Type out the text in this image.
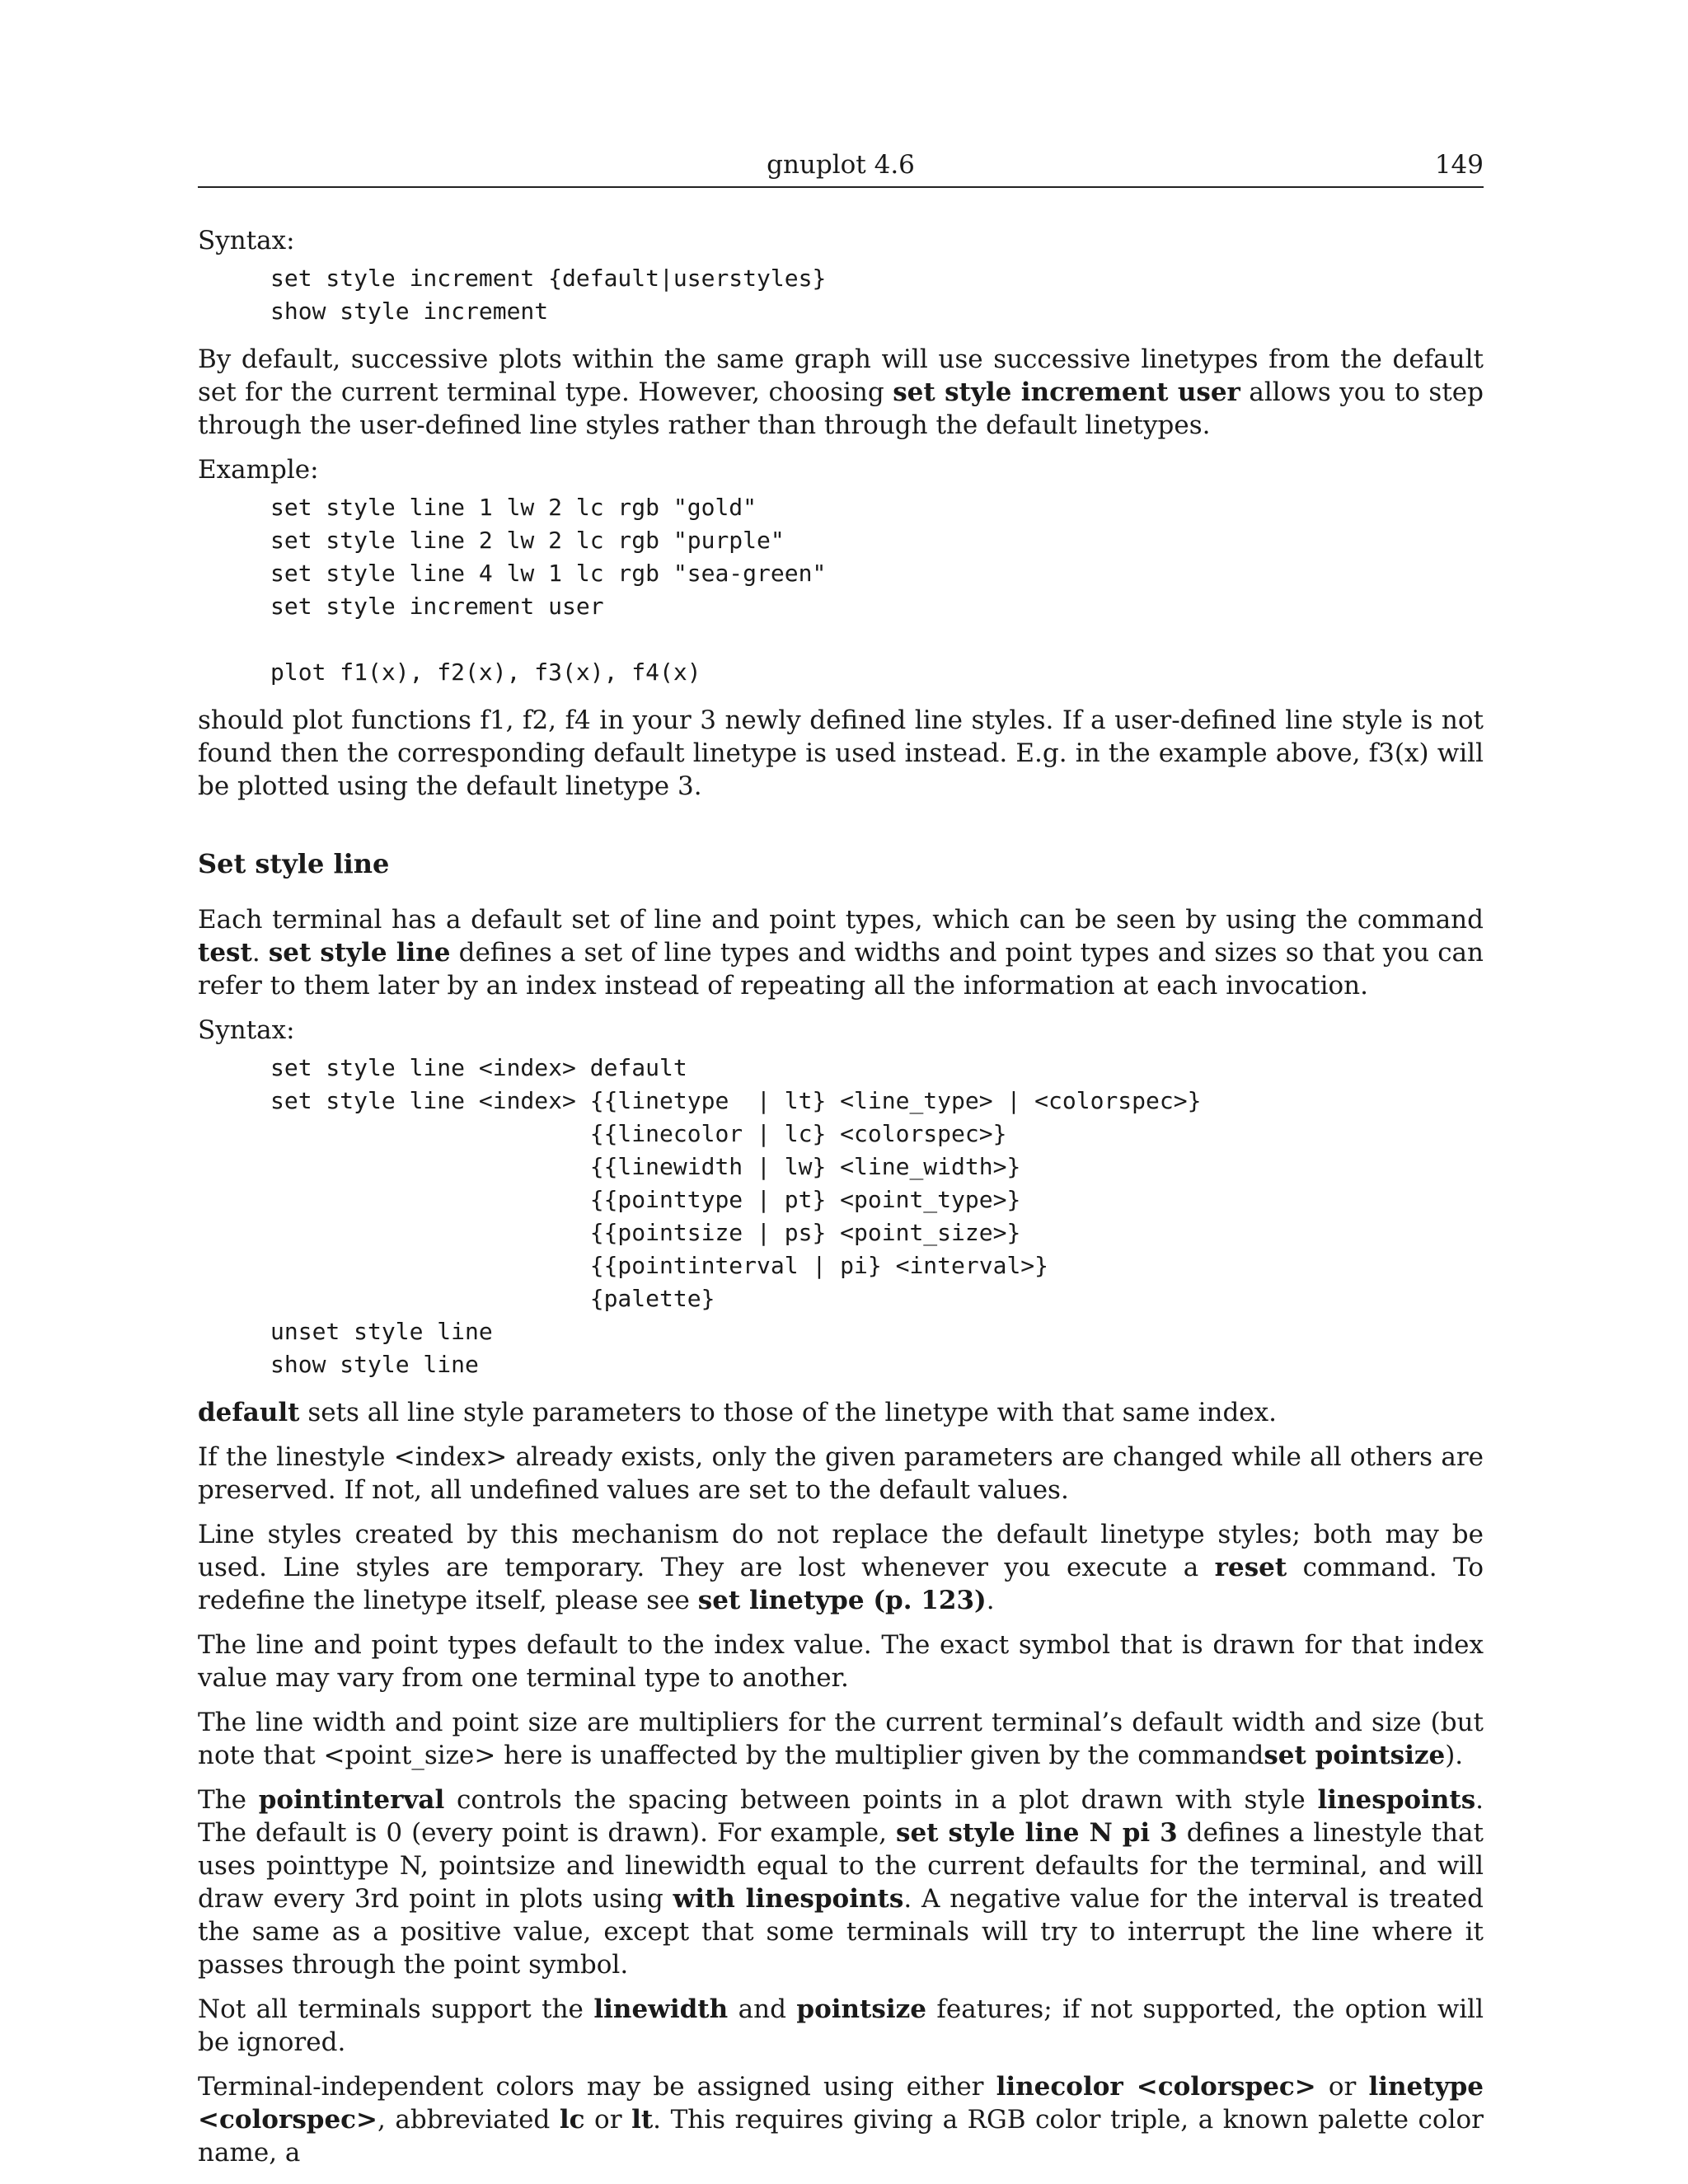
gnuplot 4.6	149

Syntax:

set style increment {default|userstyles}
show style increment

By default, successive plots within the same graph will use successive linetypes from the default set for the current terminal type. However, choosing set style increment user allows you to step through the user-defined line styles rather than through the default linetypes.

Example:

set style line 1 lw 2 lc rgb "gold"
set style line 2 lw 2 lc rgb "purple"
set style line 4 lw 1 lc rgb "sea-green"
set style increment user

plot f1(x), f2(x), f3(x), f4(x)

should plot functions f1, f2, f4 in your 3 newly defined line styles. If a user-defined line style is not found then the corresponding default linetype is used instead. E.g. in the example above, f3(x) will be plotted using the default linetype 3.

Set style line

Each terminal has a default set of line and point types, which can be seen by using the command test. set style line defines a set of line types and widths and point types and sizes so that you can refer to them later by an index instead of repeating all the information at each invocation.

Syntax:

set style line <index> default
set style line <index> {{linetype  | lt} <line_type> | <colorspec>}
{{linecolor | lc} <colorspec>}
{{linewidth | lw} <line_width>}
{{pointtype | pt} <point_type>}
{{pointsize | ps} <point_size>}
{{pointinterval | pi} <interval>}
{palette}
unset style line
show style line

default sets all line style parameters to those of the linetype with that same index.

If the linestyle <index> already exists, only the given parameters are changed while all others are preserved. If not, all undefined values are set to the default values.

Line styles created by this mechanism do not replace the default linetype styles; both may be used. Line styles are temporary. They are lost whenever you execute a reset command. To redefine the linetype itself, please see set linetype (p. 123).

The line and point types default to the index value. The exact symbol that is drawn for that index value may vary from one terminal type to another.

The line width and point size are multipliers for the current terminal’s default width and size (but note that <point_size> here is unaffected by the multiplier given by the commandset pointsize).

The pointinterval controls the spacing between points in a plot drawn with style linespoints. The default is 0 (every point is drawn). For example, set style line N pi 3 defines a linestyle that uses pointtype N, pointsize and linewidth equal to the current defaults for the terminal, and will draw every 3rd point in plots using with linespoints. A negative value for the interval is treated the same as a positive value, except that some terminals will try to interrupt the line where it passes through the point symbol.

Not all terminals support the linewidth and pointsize features; if not supported, the option will be ignored.

Terminal-independent colors may be assigned using either linecolor <colorspec> or linetype <colorspec>, abbreviated lc or lt. This requires giving a RGB color triple, a known palette color name, a
